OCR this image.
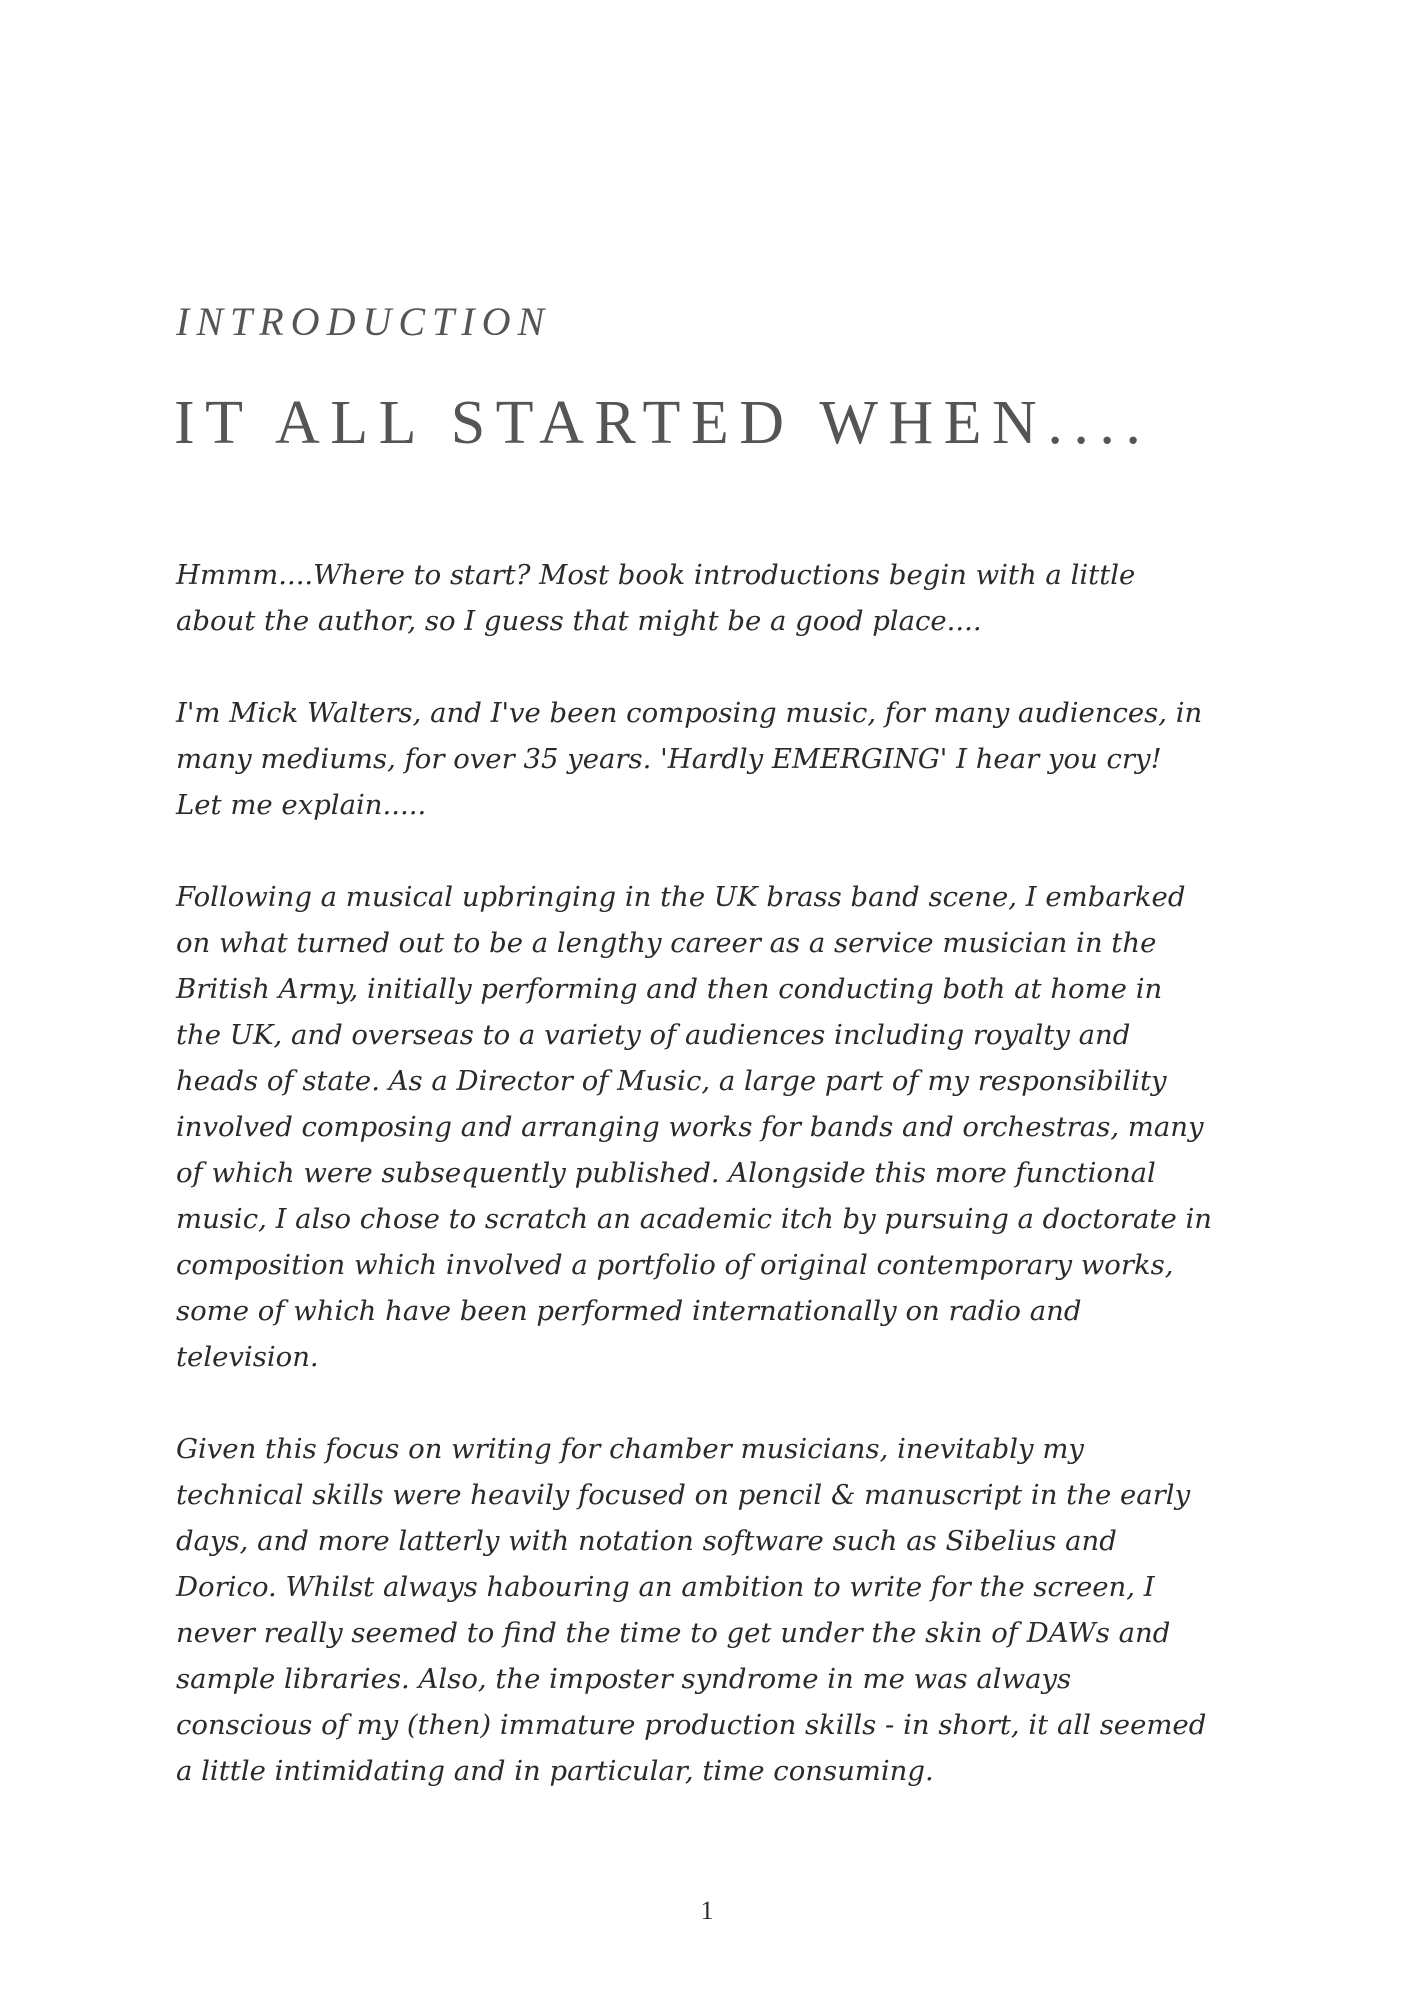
INTRODUCTION
IT ALL STARTED WHEN....

Hmmm....Where to start? Most book introductions begin with a little
about the author, so I guess that might be a good place....

I'm Mick Walters, and I've been composing music, for many audiences, in
many mediums, for over 35 years. 'Hardly EMERGING' I hear you cry!
Let me explain.....

Following a musical upbringing in the UK brass band scene, I embarked
on what turned out to be a lengthy career as a service musician in the
British Army, initially performing and then conducting both at home in
the UK, and overseas to a variety of audiences including royalty and
heads of state. As a Director of Music, a large part of my responsibility
involved composing and arranging works for bands and orchestras, many
of which were subsequently published. Alongside this more functional
music, I also chose to scratch an academic itch by pursuing a doctorate in
composition which involved a portfolio of original contemporary works,
some of which have been performed internationally on radio and
television.

Given this focus on writing for chamber musicians, inevitably my
technical skills were heavily focused on pencil & manuscript in the early
days, and more latterly with notation software such as Sibelius and
Dorico. Whilst always habouring an ambition to write for the screen, I
never really seemed to find the time to get under the skin of DAWs and
sample libraries. Also, the imposter syndrome in me was always
conscious of my (then) immature production skills - in short, it all seemed
a little intimidating and in particular, time consuming.

1
